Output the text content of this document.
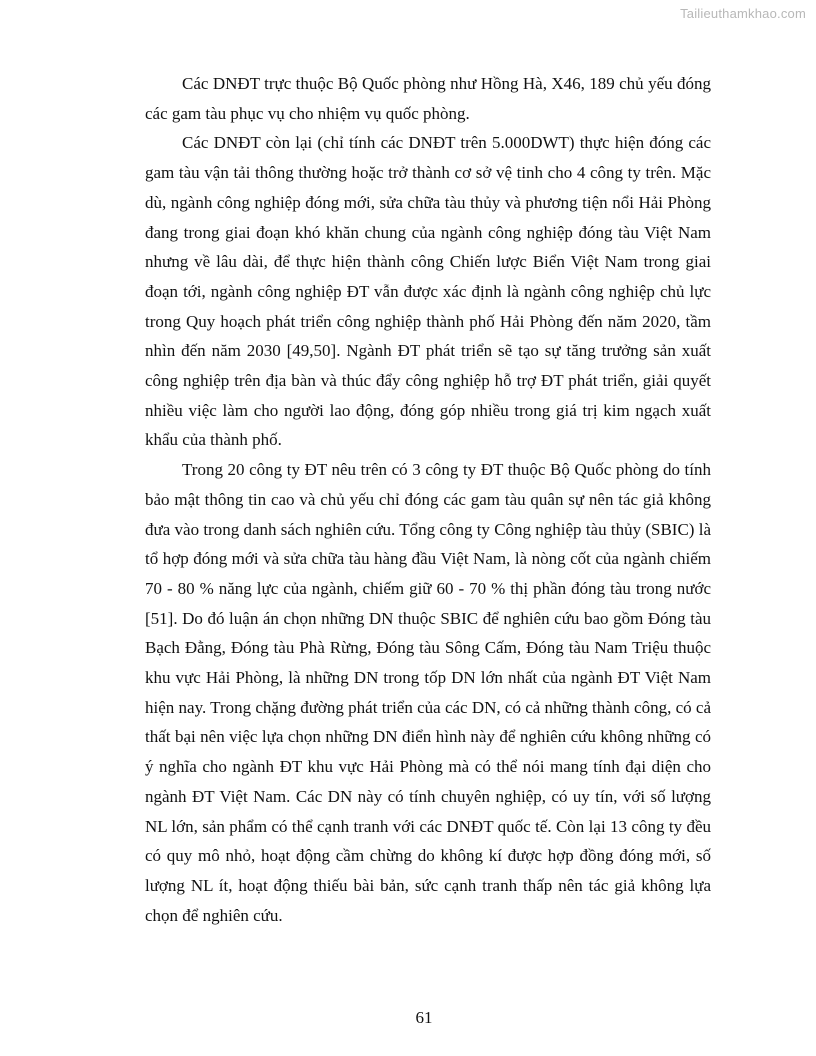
Tailieuthamkhao.com

Các DNĐT trực thuộc Bộ Quốc phòng như Hồng Hà, X46, 189 chủ yếu đóng các gam tàu phục vụ cho nhiệm vụ quốc phòng.

Các DNĐT còn lại (chỉ tính các DNĐT trên 5.000DWT) thực hiện đóng các gam tàu vận tải thông thường hoặc trở thành cơ sở vệ tinh cho 4 công ty trên. Mặc dù, ngành công nghiệp đóng mới, sửa chữa tàu thủy và phương tiện nổi Hải Phòng đang trong giai đoạn khó khăn chung của ngành công nghiệp đóng tàu Việt Nam nhưng về lâu dài, để thực hiện thành công Chiến lược Biển Việt Nam trong giai đoạn tới, ngành công nghiệp ĐT vẫn được xác định là ngành công nghiệp chủ lực trong Quy hoạch phát triển công nghiệp thành phố Hải Phòng đến năm 2020, tầm nhìn đến năm 2030 [49,50]. Ngành ĐT phát triển sẽ tạo sự tăng trưởng sản xuất công nghiệp trên địa bàn và thúc đẩy công nghiệp hỗ trợ ĐT phát triển, giải quyết nhiều việc làm cho người lao động, đóng góp nhiều trong giá trị kim ngạch xuất khẩu của thành phố.

Trong 20 công ty ĐT nêu trên có 3 công ty ĐT thuộc Bộ Quốc phòng do tính bảo mật thông tin cao và chủ yếu chỉ đóng các gam tàu quân sự nên tác giả không đưa vào trong danh sách nghiên cứu. Tổng công ty Công nghiệp tàu thủy (SBIC) là tổ hợp đóng mới và sửa chữa tàu hàng đầu Việt Nam, là nòng cốt của ngành chiếm 70 - 80 % năng lực của ngành, chiếm giữ 60 - 70 % thị phần đóng tàu trong nước [51]. Do đó luận án chọn những DN thuộc SBIC để nghiên cứu bao gồm Đóng tàu Bạch Đằng, Đóng tàu Phà Rừng, Đóng tàu Sông Cấm, Đóng tàu Nam Triệu thuộc khu vực Hải Phòng, là những DN trong tốp DN lớn nhất của ngành ĐT Việt Nam hiện nay. Trong chặng đường phát triển của các DN, có cả những thành công, có cả thất bại nên việc lựa chọn những DN điển hình này để nghiên cứu không những có ý nghĩa cho ngành ĐT khu vực Hải Phòng mà có thể nói mang tính đại diện cho ngành ĐT Việt Nam. Các DN này có tính chuyên nghiệp, có uy tín, với số lượng NL lớn, sản phẩm có thể cạnh tranh với các DNĐT quốc tế. Còn lại 13 công ty đều có quy mô nhỏ, hoạt động cầm chừng do không kí được hợp đồng đóng mới, số lượng NL ít, hoạt động thiếu bài bản, sức cạnh tranh thấp nên tác giả không lựa chọn để nghiên cứu.

61
